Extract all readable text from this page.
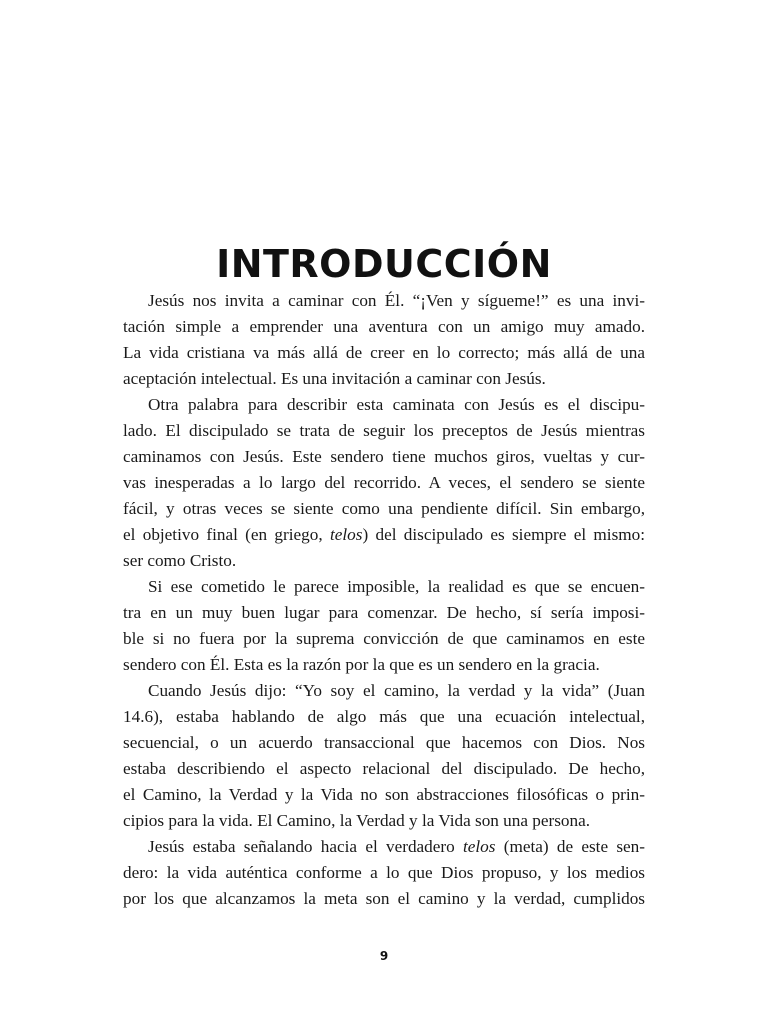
INTRODUCCIÓN
Jesús nos invita a caminar con Él. “¡Ven y sígueme!” es una invi-
tación simple a emprender una aventura con un amigo muy amado.
La vida cristiana va más allá de creer en lo correcto; más allá de una
aceptación intelectual. Es una invitación a caminar con Jesús.
Otra palabra para describir esta caminata con Jesús es el discipu-
lado. El discipulado se trata de seguir los preceptos de Jesús mientras
caminamos con Jesús. Este sendero tiene muchos giros, vueltas y cur-
vas inesperadas a lo largo del recorrido. A veces, el sendero se siente
fácil, y otras veces se siente como una pendiente difícil. Sin embargo,
el objetivo final (en griego, telos) del discipulado es siempre el mismo:
ser como Cristo.
Si ese cometido le parece imposible, la realidad es que se encuen-
tra en un muy buen lugar para comenzar. De hecho, sí sería imposi-
ble si no fuera por la suprema convicción de que caminamos en este
sendero con Él. Esta es la razón por la que es un sendero en la gracia.
Cuando Jesús dijo: “Yo soy el camino, la verdad y la vida” (Juan
14.6), estaba hablando de algo más que una ecuación intelectual,
secuencial, o un acuerdo transaccional que hacemos con Dios. Nos
estaba describiendo el aspecto relacional del discipulado. De hecho,
el Camino, la Verdad y la Vida no son abstracciones filosóficas o prin-
cipios para la vida. El Camino, la Verdad y la Vida son una persona.
Jesús estaba señalando hacia el verdadero telos (meta) de este sen-
dero: la vida auténtica conforme a lo que Dios propuso, y los medios
por los que alcanzamos la meta son el camino y la verdad, cumplidos
9
